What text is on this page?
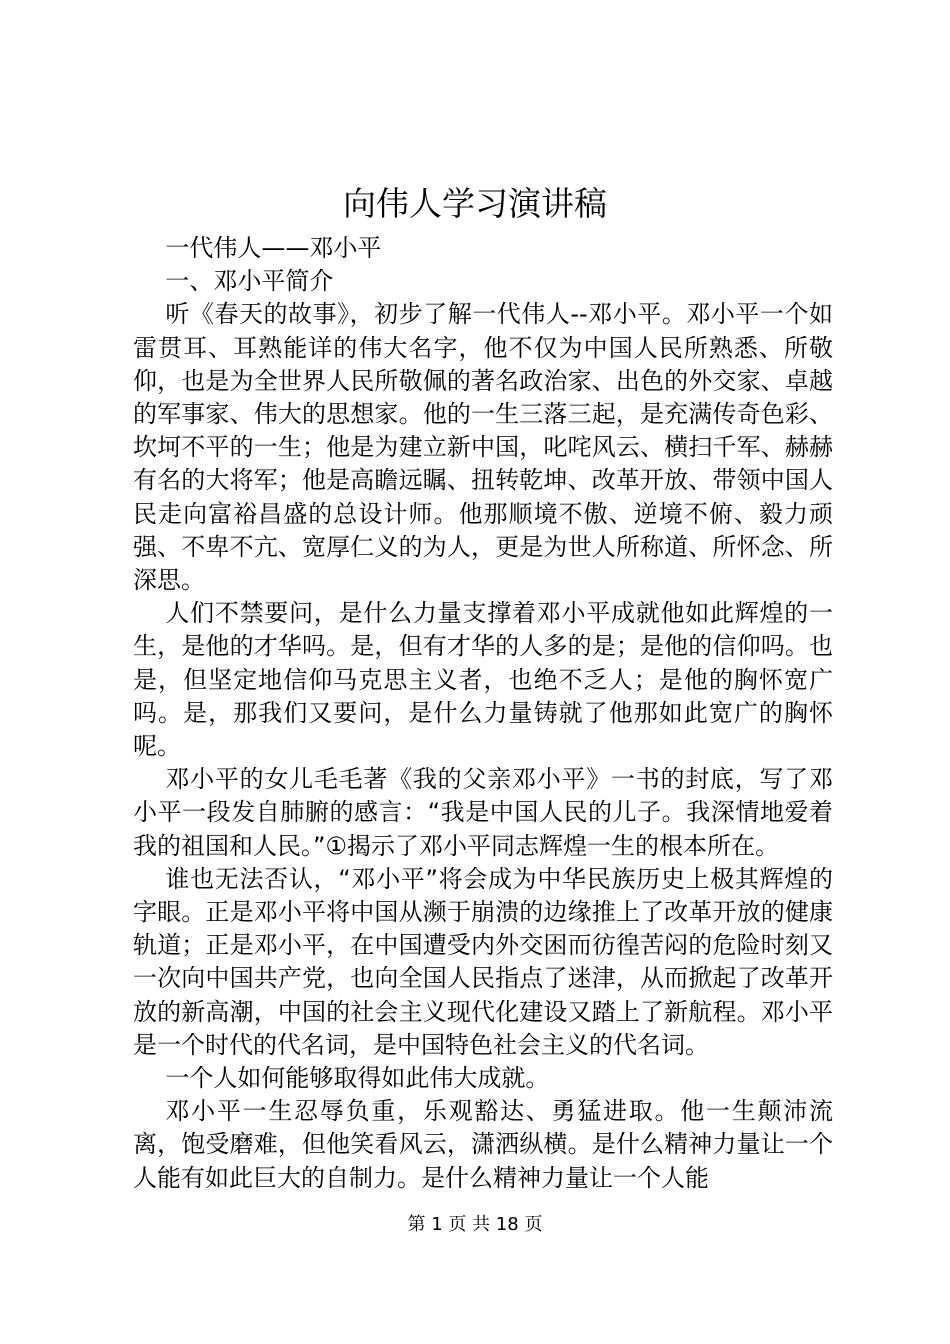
向伟人学习演讲稿

一代伟人——邓小平

一、邓小平简介

听《春天的故事》，初步了解一代伟人--邓小平。邓小平一个如雷贯耳、耳熟能详的伟大名字，他不仅为中国人民所熟悉、所敬仰，也是为全世界人民所敬佩的著名政治家、出色的外交家、卓越的军事家、伟大的思想家。他的一生三落三起，是充满传奇色彩、坎坷不平的一生；他是为建立新中国，叱咤风云、横扫千军、赫赫有名的大将军；他是高瞻远瞩、扭转乾坤、改革开放、带领中国人民走向富裕昌盛的总设计师。他那顺境不傲、逆境不俯、毅力顽强、不卑不亢、宽厚仁义的为人，更是为世人所称道、所怀念、所深思。

人们不禁要问，是什么力量支撑着邓小平成就他如此辉煌的一生，是他的才华吗。是，但有才华的人多的是；是他的信仰吗。也是，但坚定地信仰马克思主义者，也绝不乏人；是他的胸怀宽广吗。是，那我们又要问，是什么力量铸就了他那如此宽广的胸怀呢。

邓小平的女儿毛毛著《我的父亲邓小平》一书的封底，写了邓小平一段发自肺腑的感言：“我是中国人民的儿子。我深情地爱着我的祖国和人民。”①揭示了邓小平同志辉煌一生的根本所在。

谁也无法否认，“邓小平”将会成为中华民族历史上极其辉煌的字眼。正是邓小平将中国从濒于崩溃的边缘推上了改革开放的健康轨道；正是邓小平，在中国遭受内外交困而彷徨苦闷的危险时刻又一次向中国共产党，也向全国人民指点了迷津，从而掀起了改革开放的新高潮，中国的社会主义现代化建设又踏上了新航程。邓小平是一个时代的代名词，是中国特色社会主义的代名词。

一个人如何能够取得如此伟大成就。

邓小平一生忍辱负重，乐观豁达、勇猛进取。他一生颠沛流离，饱受磨难，但他笑看风云，潇洒纵横。是什么精神力量让一个人能有如此巨大的自制力。是什么精神力量让一个人能

第 1 页 共 18 页
